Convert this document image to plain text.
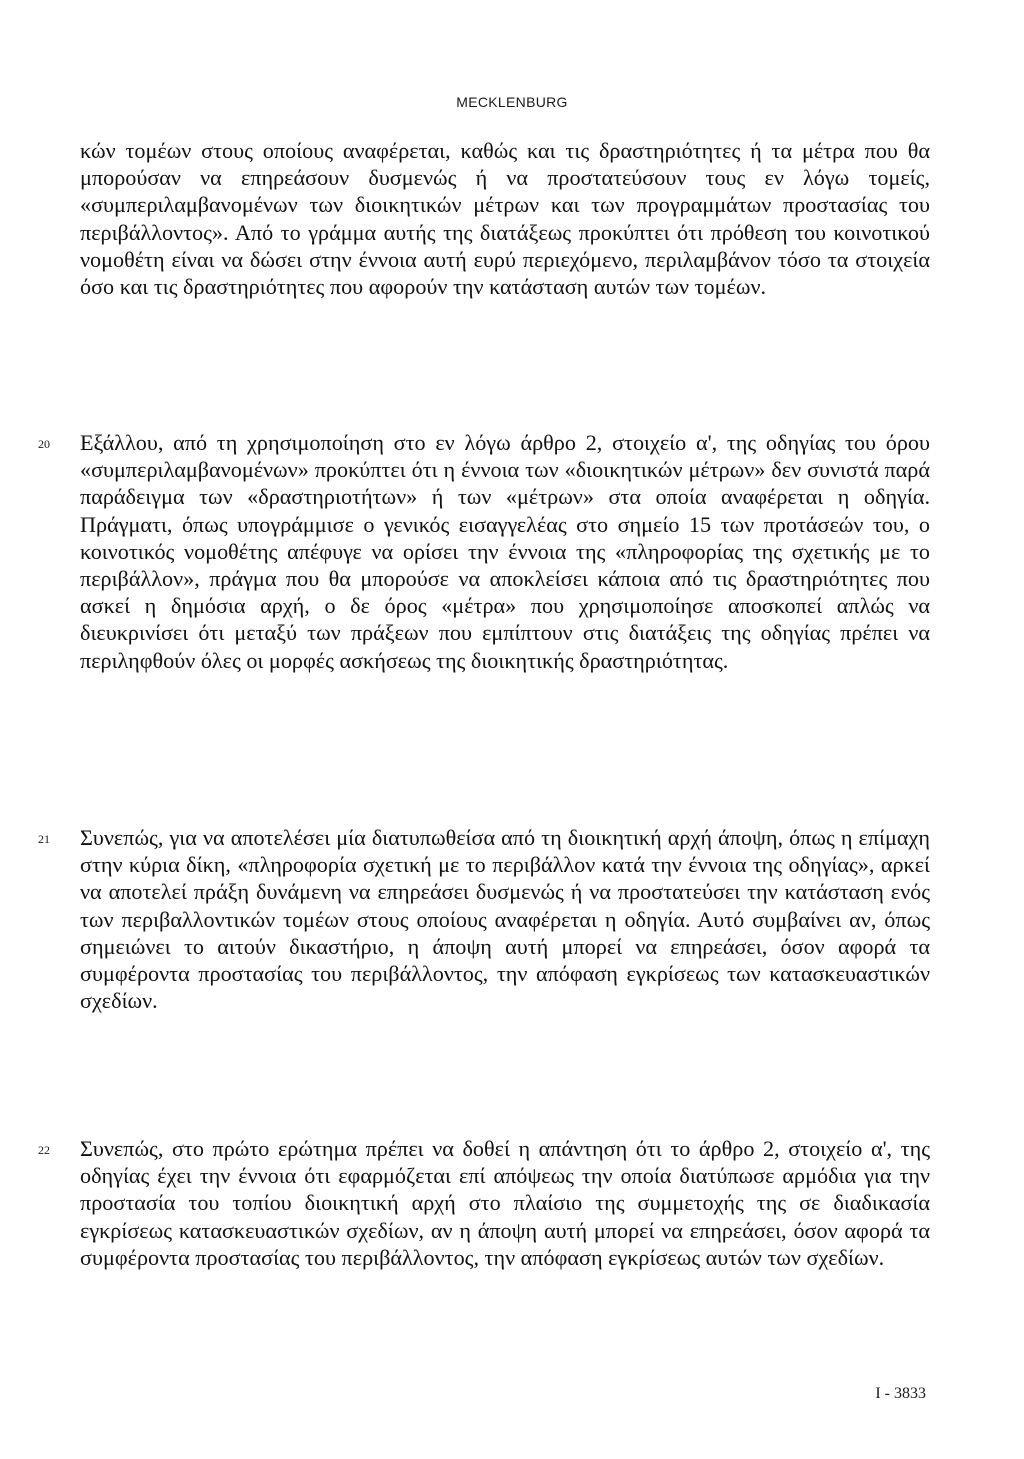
MECKLENBURG
κών τομέων στους οποίους αναφέρεται, καθώς και τις δραστηριότητες ή τα μέτρα που θα μπορούσαν να επηρεάσουν δυσμενώς ή να προστατεύσουν τους εν λόγω τομείς, «συμπεριλαμβανομένων των διοικητικών μέτρων και των προγραμμάτων προστασίας του περιβάλλοντος». Από το γράμμα αυτής της διατάξεως προκύπτει ότι πρόθεση του κοινοτικού νομοθέτη είναι να δώσει στην έννοια αυτή ευρύ περιεχόμενο, περιλαμβάνον τόσο τα στοιχεία όσο και τις δραστηριότητες που αφορούν την κατάσταση αυτών των τομέων.
20 Εξάλλου, από τη χρησιμοποίηση στο εν λόγω άρθρο 2, στοιχείο α', της οδηγίας του όρου «συμπεριλαμβανομένων» προκύπτει ότι η έννοια των «διοικητικών μέτρων» δεν συνιστά παρά παράδειγμα των «δραστηριοτήτων» ή των «μέτρων» στα οποία αναφέρεται η οδηγία. Πράγματι, όπως υπογράμμισε ο γενικός εισαγγελέας στο σημείο 15 των προτάσεών του, ο κοινοτικός νομοθέτης απέφυγε να ορίσει την έννοια της «πληροφορίας της σχετικής με το περιβάλλον», πράγμα που θα μπορούσε να αποκλείσει κάποια από τις δραστηριότητες που ασκεί η δημόσια αρχή, ο δε όρος «μέτρα» που χρησιμοποίησε αποσκοπεί απλώς να διευκρινίσει ότι μεταξύ των πράξεων που εμπίπτουν στις διατάξεις της οδηγίας πρέπει να περιληφθούν όλες οι μορφές ασκήσεως της διοικητικής δραστηριότητας.
21 Συνεπώς, για να αποτελέσει μία διατυπωθείσα από τη διοικητική αρχή άποψη, όπως η επίμαχη στην κύρια δίκη, «πληροφορία σχετική με το περιβάλλον κατά την έννοια της οδηγίας», αρκεί να αποτελεί πράξη δυνάμενη να επηρεάσει δυσμενώς ή να προστατεύσει την κατάσταση ενός των περιβαλλοντικών τομέων στους οποίους αναφέρεται η οδηγία. Αυτό συμβαίνει αν, όπως σημειώνει το αιτούν δικαστήριο, η άποψη αυτή μπορεί να επηρεάσει, όσον αφορά τα συμφέροντα προστασίας του περιβάλλοντος, την απόφαση εγκρίσεως των κατασκευαστικών σχεδίων.
22 Συνεπώς, στο πρώτο ερώτημα πρέπει να δοθεί η απάντηση ότι το άρθρο 2, στοιχείο α', της οδηγίας έχει την έννοια ότι εφαρμόζεται επί απόψεως την οποία διατύπωσε αρμόδια για την προστασία του τοπίου διοικητική αρχή στο πλαίσιο της συμμετοχής της σε διαδικασία εγκρίσεως κατασκευαστικών σχεδίων, αν η άποψη αυτή μπορεί να επηρεάσει, όσον αφορά τα συμφέροντα προστασίας του περιβάλλοντος, την απόφαση εγκρίσεως αυτών των σχεδίων.
I - 3833
